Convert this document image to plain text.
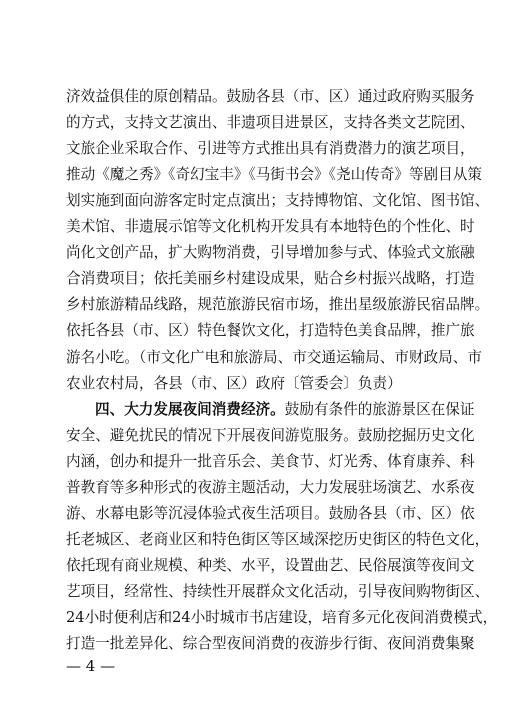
济效益俱佳的原创精品。鼓励各县（市、区）通过政府购买服务
的方式，支持文艺演出、非遗项目进景区，支持各类文艺院团、
文旅企业采取合作、引进等方式推出具有消费潜力的演艺项目，
推动《魔之秀》《奇幻宝丰》《马街书会》《尧山传奇》等剧目从策
划实施到面向游客定时定点演出；支持博物馆、文化馆、图书馆、
美术馆、非遗展示馆等文化机构开发具有本地特色的个性化、时
尚化文创产品，扩大购物消费，引导增加参与式、体验式文旅融
合消费项目；依托美丽乡村建设成果，贴合乡村振兴战略，打造
乡村旅游精品线路，规范旅游民宿市场，推出星级旅游民宿品牌。
依托各县（市、区）特色餐饮文化，打造特色美食品牌，推广旅
游名小吃。（市文化广电和旅游局、市交通运输局、市财政局、市
农业农村局，各县（市、区）政府〔管委会〕负责）
四、大力发展夜间消费经济。鼓励有条件的旅游景区在保证
安全、避免扰民的情况下开展夜间游览服务。鼓励挖掘历史文化
内涵，创办和提升一批音乐会、美食节、灯光秀、体育康养、科
普教育等多种形式的夜游主题活动，大力发展驻场演艺、水系夜
游、水幕电影等沉浸体验式夜生活项目。鼓励各县（市、区）依
托老城区、老商业区和特色街区等区域深挖历史街区的特色文化，
依托现有商业规模、种类、水平，设置曲艺、民俗展演等夜间文
艺项目，经常性、持续性开展群众文化活动，引导夜间购物街区、
24小时便利店和24小时城市书店建设，培育多元化夜间消费模式，
打造一批差异化、综合型夜间消费的夜游步行街、夜间消费集聚
— 4 —
